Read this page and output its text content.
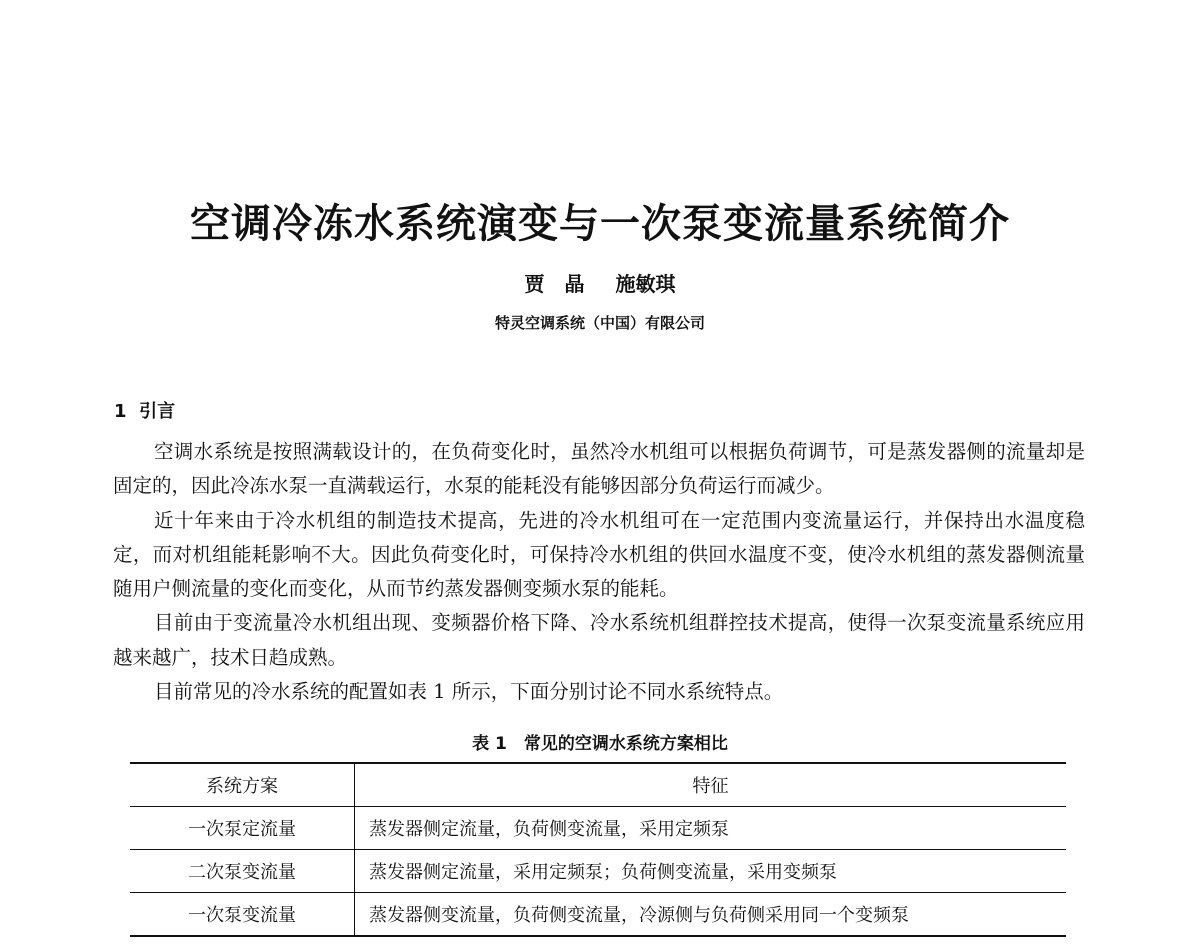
空调冷冻水系统演变与一次泵变流量系统简介
贾　晶 施敏琪
特灵空调系统（中国）有限公司
1 引言

空调水系统是按照满载设计的，在负荷变化时，虽然冷水机组可以根据负荷调节，可是蒸发器侧的流量却是固定的，因此冷冻水泵一直满载运行，水泵的能耗没有能够因部分负荷运行而减少。

近十年来由于冷水机组的制造技术提高，先进的冷水机组可在一定范围内变流量运行，并保持出水温度稳定，而对机组能耗影响不大。因此负荷变化时，可保持冷水机组的供回水温度不变，使冷水机组的蒸发器侧流量随用户侧流量的变化而变化，从而节约蒸发器侧变频水泵的能耗。

目前由于变流量冷水机组出现、变频器价格下降、冷水系统机组群控技术提高，使得一次泵变流量系统应用越来越广，技术日趋成熟。

目前常见的冷水系统的配置如表 1 所示，下面分别讨论不同水系统特点。

表 1　常见的空调水系统方案相比
系统方案	特征
一次泵定流量	蒸发器侧定流量，负荷侧变流量，采用定频泵
二次泵变流量	蒸发器侧定流量，采用定频泵；负荷侧变流量，采用变频泵
一次泵变流量	蒸发器侧变流量，负荷侧变流量，冷源侧与负荷侧采用同一个变频泵
